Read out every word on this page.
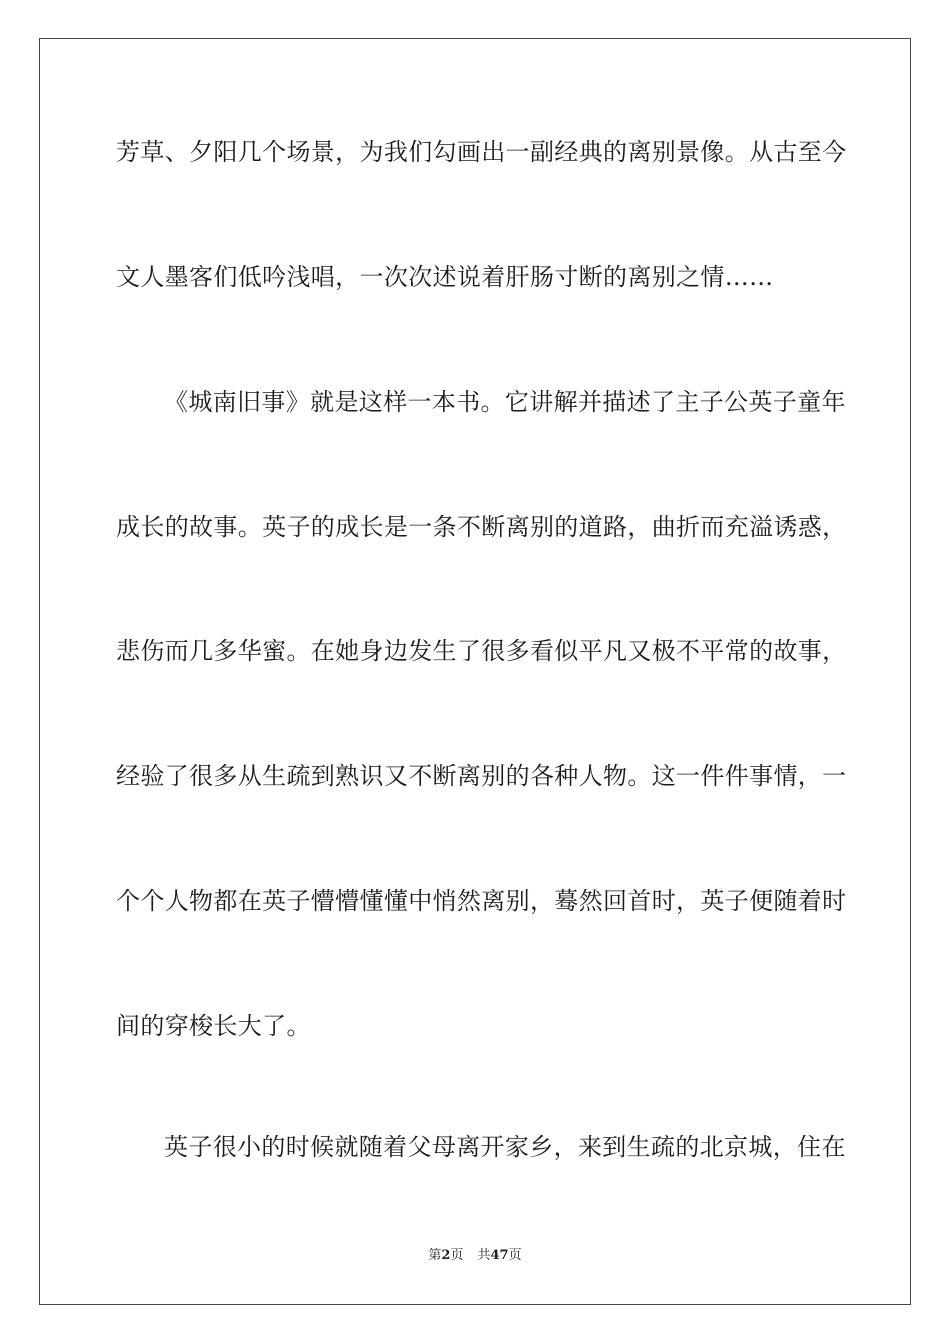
芳草、夕阳几个场景，为我们勾画出一副经典的离别景像。从古至今
文人墨客们低吟浅唱，一次次述说着肝肠寸断的离别之情……
《城南旧事》就是这样一本书。它讲解并描述了主子公英子童年
成长的故事。英子的成长是一条不断离别的道路，曲折而充溢诱惑，
悲伤而几多华蜜。在她身边发生了很多看似平凡又极不平常的故事，
经验了很多从生疏到熟识又不断离别的各种人物。这一件件事情，一
个个人物都在英子懵懵懂懂中悄然离别，蓦然回首时，英子便随着时
间的穿梭长大了。
英子很小的时候就随着父母离开家乡，来到生疏的北京城，住在
第2页 共47页
